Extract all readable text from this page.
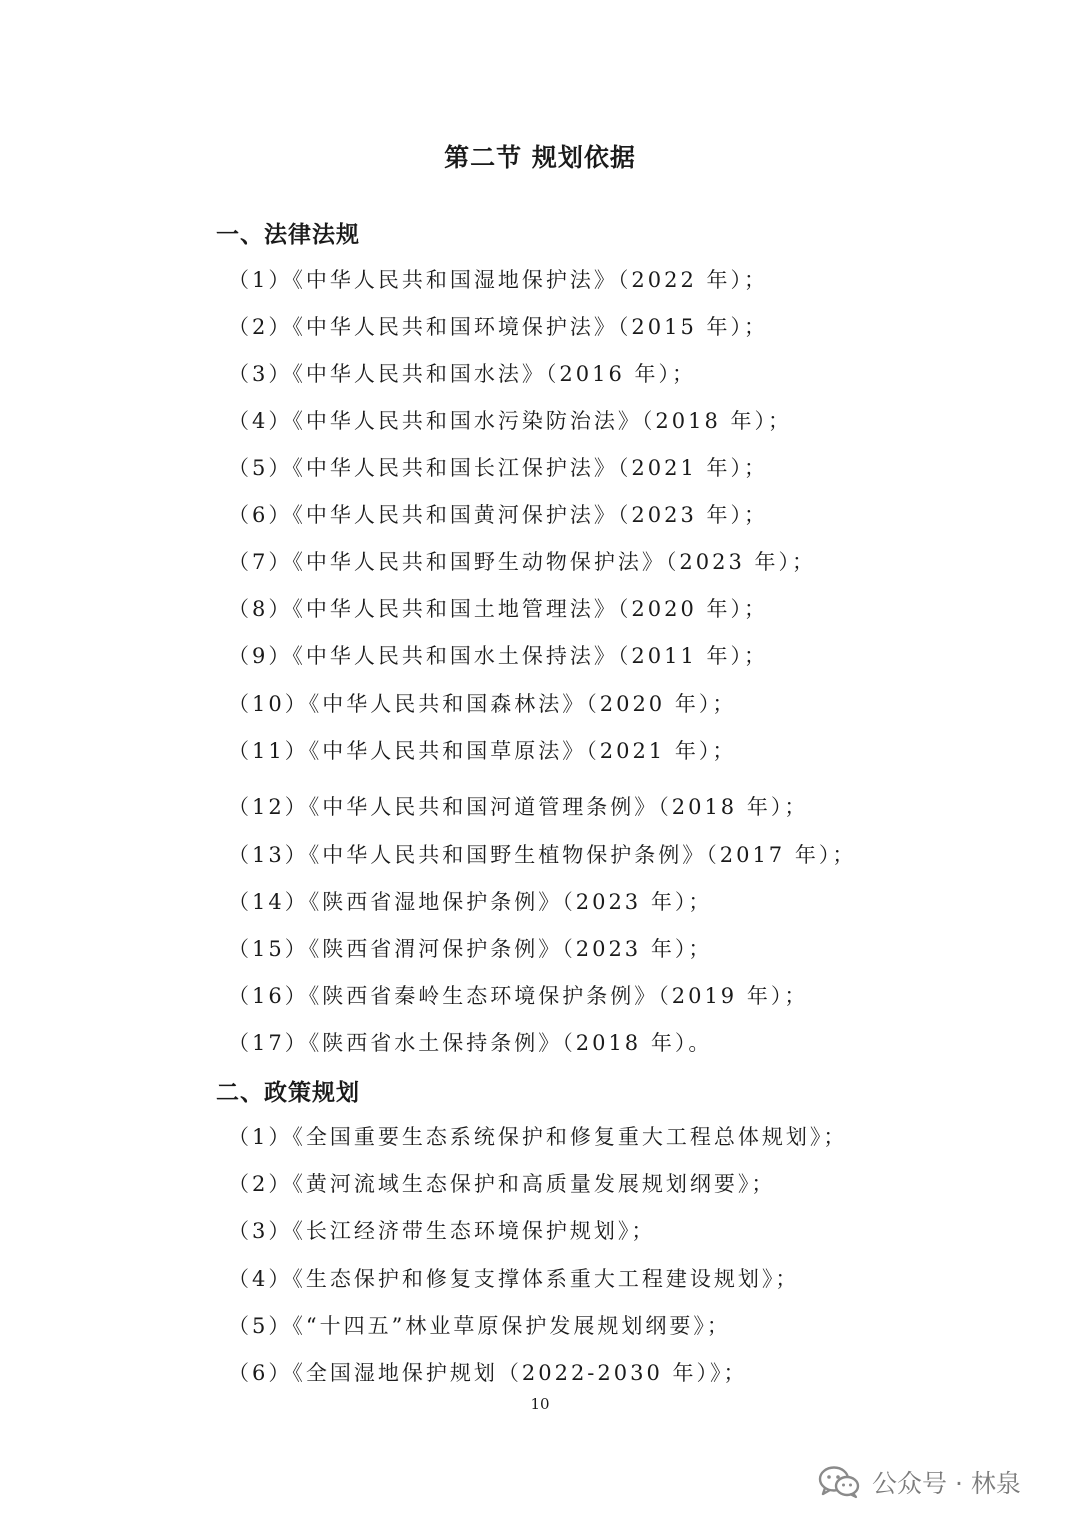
第二节 规划依据
一、法律法规
（1）《中华人民共和国湿地保护法》（2022 年）；
（2）《中华人民共和国环境保护法》（2015 年）；
（3）《中华人民共和国水法》（2016 年）；
（4）《中华人民共和国水污染防治法》（2018 年）；
（5）《中华人民共和国长江保护法》（2021 年）；
（6）《中华人民共和国黄河保护法》（2023 年）；
（7）《中华人民共和国野生动物保护法》（2023 年）；
（8）《中华人民共和国土地管理法》（2020 年）；
（9）《中华人民共和国水土保持法》（2011 年）；
（10）《中华人民共和国森林法》（2020 年）；
（11）《中华人民共和国草原法》（2021 年）；
（12）《中华人民共和国河道管理条例》（2018 年）；
（13）《中华人民共和国野生植物保护条例》（2017 年）；
（14）《陕西省湿地保护条例》（2023 年）；
（15）《陕西省渭河保护条例》（2023 年）；
（16）《陕西省秦岭生态环境保护条例》（2019 年）；
（17）《陕西省水土保持条例》（2018 年）。
二、政策规划
（1）《全国重要生态系统保护和修复重大工程总体规划》；
（2）《黄河流域生态保护和高质量发展规划纲要》；
（3）《长江经济带生态环境保护规划》；
（4）《生态保护和修复支撑体系重大工程建设规划》；
（5）《“十四五”林业草原保护发展规划纲要》；
（6）《全国湿地保护规划（2022-2030 年）》；
10
公众号 · 林泉
